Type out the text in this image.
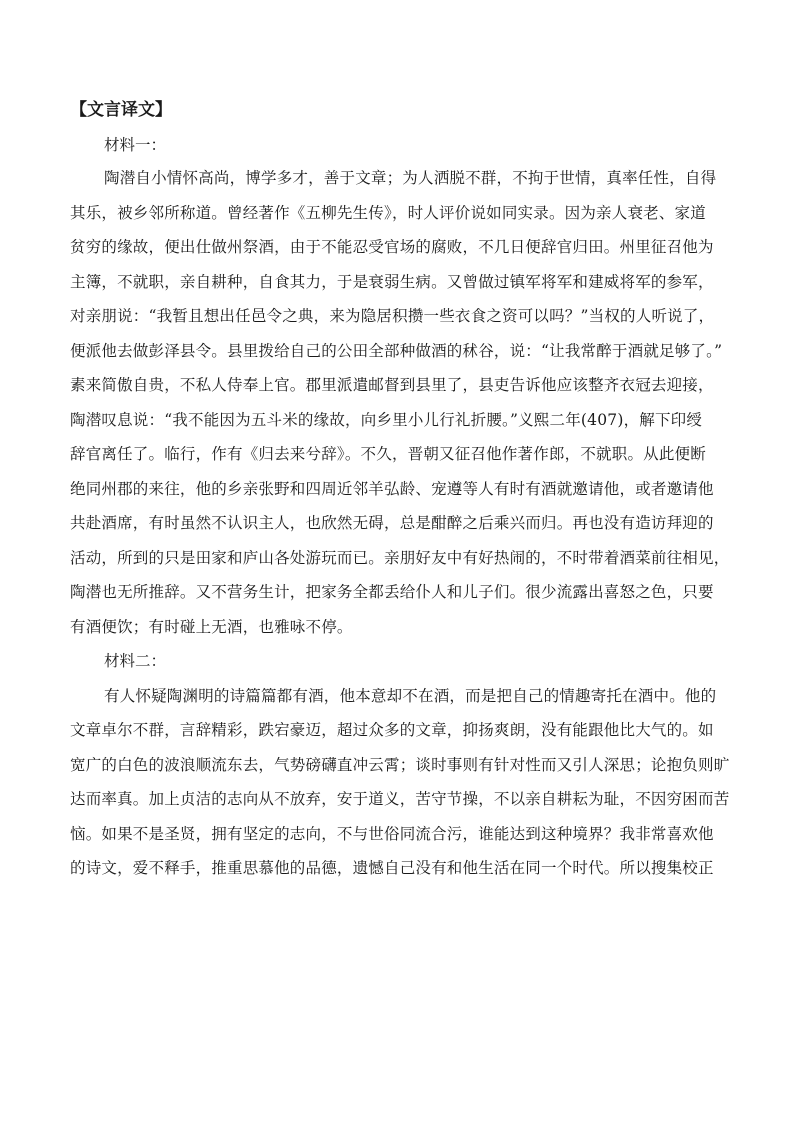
【文言译文】
材料一：
陶潜自小情怀高尚，博学多才，善于文章；为人洒脱不群，不拘于世情，真率任性，自得
其乐，被乡邻所称道。曾经著作《五柳先生传》，时人评价说如同实录。因为亲人衰老、家道
贫穷的缘故，便出仕做州祭酒，由于不能忍受官场的腐败，不几日便辞官归田。州里征召他为
主簿，不就职，亲自耕种，自食其力，于是衰弱生病。又曾做过镇军将军和建威将军的参军，
对亲朋说：“我暂且想出任邑令之典，来为隐居积攒一些衣食之资可以吗？”当权的人听说了，
便派他去做彭泽县令。县里拨给自己的公田全部种做酒的秫谷，说：“让我常醉于酒就足够了。”
素来简傲自贵，不私人侍奉上官。郡里派遣邮督到县里了，县吏告诉他应该整齐衣冠去迎接，
陶潜叹息说：“我不能因为五斗米的缘故，向乡里小儿行礼折腰。”义熙二年(407)，解下印绶
辞官离任了。临行，作有《归去来兮辞》。不久，晋朝又征召他作著作郎，不就职。从此便断
绝同州郡的来往，他的乡亲张野和四周近邻羊弘龄、宠遵等人有时有酒就邀请他，或者邀请他
共赴酒席，有时虽然不认识主人，也欣然无碍，总是酣醉之后乘兴而归。再也没有造访拜迎的
活动，所到的只是田家和庐山各处游玩而已。亲朋好友中有好热闹的，不时带着酒菜前往相见，
陶潜也无所推辞。又不营务生计，把家务全都丢给仆人和儿子们。很少流露出喜怒之色，只要
有酒便饮；有时碰上无酒，也雅咏不停。
材料二：
有人怀疑陶渊明的诗篇篇都有酒，他本意却不在酒，而是把自己的情趣寄托在酒中。他的
文章卓尔不群，言辞精彩，跌宕豪迈，超过众多的文章，抑扬爽朗，没有能跟他比大气的。如
宽广的白色的波浪顺流东去，气势磅礴直冲云霄；谈时事则有针对性而又引人深思；论抱负则旷
达而率真。加上贞洁的志向从不放弃，安于道义，苦守节操，不以亲自耕耘为耻，不因穷困而苦
恼。如果不是圣贤，拥有坚定的志向，不与世俗同流合污，谁能达到这种境界？我非常喜欢他
的诗文，爱不释手，推重思慕他的品德，遗憾自己没有和他生活在同一个时代。所以搜集校正
